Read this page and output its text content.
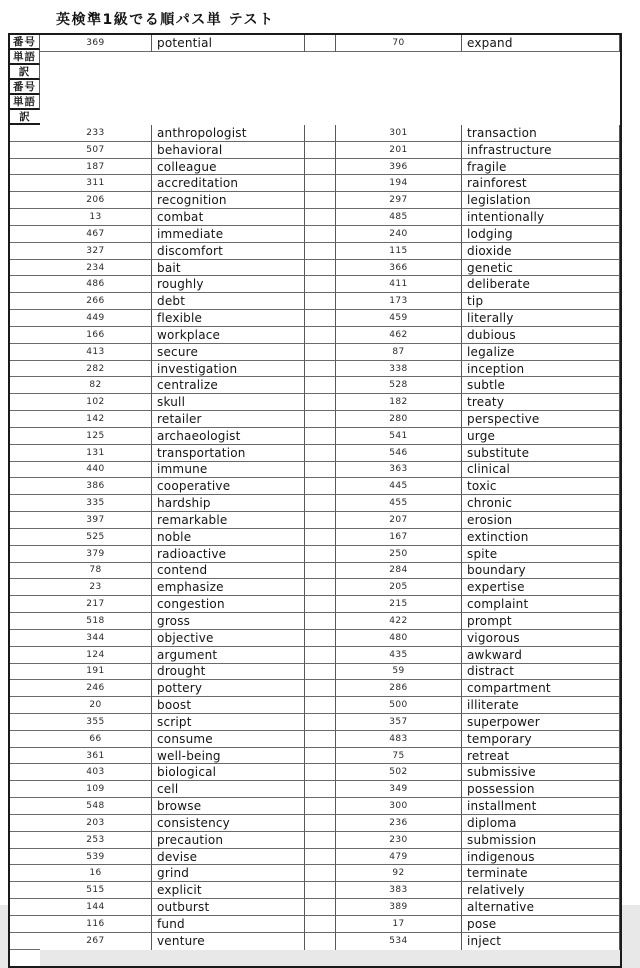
英検準1級でる順パス単 テスト
番号
単語
訳
番号
単語
訳
369	potential	70	expand
233	anthropologist	301	transaction
507	behavioral	201	infrastructure
187	colleague	396	fragile
311	accreditation	194	rainforest
206	recognition	297	legislation
13	combat	485	intentionally
467	immediate	240	lodging
327	discomfort	115	dioxide
234	bait	366	genetic
486	roughly	411	deliberate
266	debt	173	tip
449	flexible	459	literally
166	workplace	462	dubious
413	secure	87	legalize
282	investigation	338	inception
82	centralize	528	subtle
102	skull	182	treaty
142	retailer	280	perspective
125	archaeologist	541	urge
131	transportation	546	substitute
440	immune	363	clinical
386	cooperative	445	toxic
335	hardship	455	chronic
397	remarkable	207	erosion
525	noble	167	extinction
379	radioactive	250	spite
78	contend	284	boundary
23	emphasize	205	expertise
217	congestion	215	complaint
518	gross	422	prompt
344	objective	480	vigorous
124	argument	435	awkward
191	drought	59	distract
246	pottery	286	compartment
20	boost	500	illiterate
355	script	357	superpower
66	consume	483	temporary
361	well-being	75	retreat
403	biological	502	submissive
109	cell	349	possession
548	browse	300	installment
203	consistency	236	diploma
253	precaution	230	submission
539	devise	479	indigenous
16	grind	92	terminate
515	explicit	383	relatively
144	outburst	389	alternative
116	fund	17	pose
267	venture	534	inject
